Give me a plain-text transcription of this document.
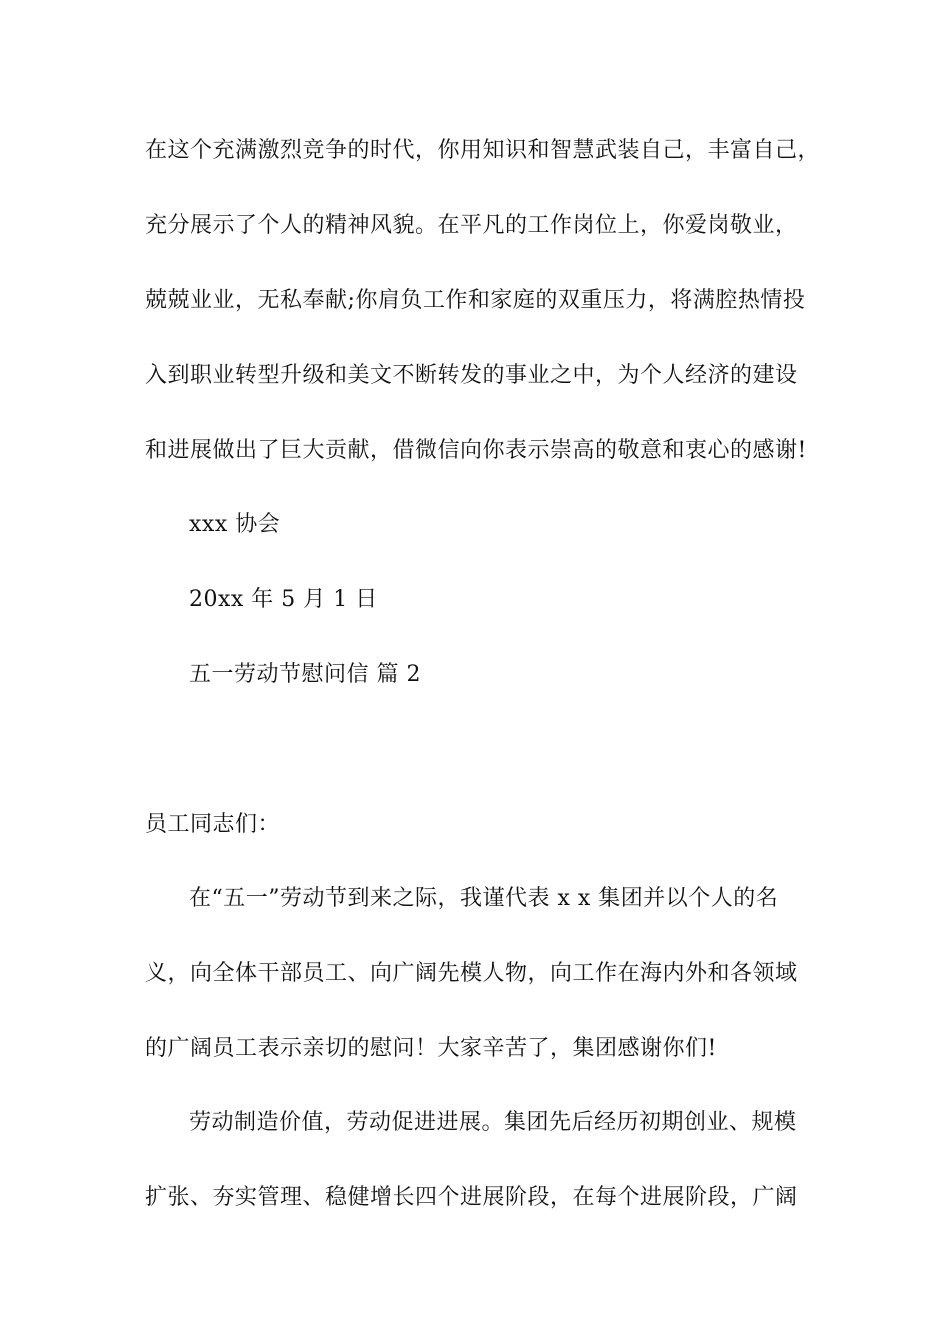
在这个充满激烈竞争的时代，你用知识和智慧武装自己，丰富自己，
充分展示了个人的精神风貌。在平凡的工作岗位上，你爱岗敬业，
兢兢业业，无私奉献;你肩负工作和家庭的双重压力，将满腔热情投
入到职业转型升级和美文不断转发的事业之中，为个人经济的建设
和进展做出了巨大贡献，借微信向你表示崇高的敬意和衷心的感谢!
xxx 协会
20xx 年 5 月 1 日
五一劳动节慰问信 篇 2
员工同志们：
在“五一”劳动节到来之际，我谨代表 x x 集团并以个人的名
义，向全体干部员工、向广阔先模人物，向工作在海内外和各领域
的广阔员工表示亲切的慰问！大家辛苦了，集团感谢你们!
劳动制造价值，劳动促进进展。集团先后经历初期创业、规模
扩张、夯实管理、稳健增长四个进展阶段，在每个进展阶段，广阔
